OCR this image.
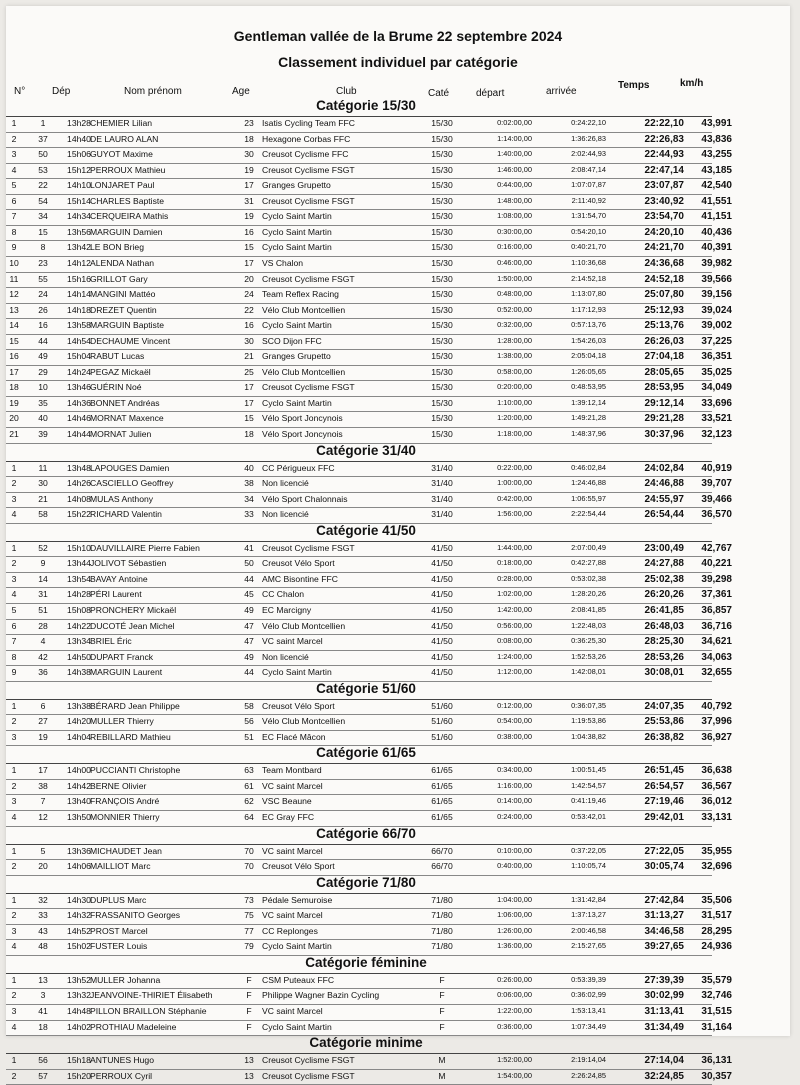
Gentleman vallée de la Brume 22 septembre 2024
Classement individuel par catégorie
N°	Dép	Nom prénom	Age	Club	Caté	départ	arrivée
Temps	km/h
Catégorie 15/30
1	1	13h28 CHEMIER Lilian	23 Isatis Cycling Team FFC	15/30	0:02:00,00	0:24:22,10	22:22,10	43,991
2	37	14h40 DE LAURO ALAN	18 Hexagone Corbas FFC	15/30	1:14:00,00	1:36:26,83	22:26,83	43,836
3	50	15h06 GUYOT Maxime	30 Creusot Cyclisme FFC	15/30	1:40:00,00	2:02:44,93	22:44,93	43,255
4	53	15h12 PERROUX Mathieu	19 Creusot Cyclisme FSGT	15/30	1:46:00,00	2:08:47,14	22:47,14	43,185
5	22	14h10 LONJARET Paul	17 Granges Grupetto	15/30	0:44:00,00	1:07:07,87	23:07,87	42,540
6	54	15h14 CHARLES Baptiste	31 Creusot Cyclisme FSGT	15/30	1:48:00,00	2:11:40,92	23:40,92	41,551
7	34	14h34 CERQUEIRA Mathis	19 Cyclo Saint Martin	15/30	1:08:00,00	1:31:54,70	23:54,70	41,151
8	15	13h56 MARGUIN Damien	16 Cyclo Saint Martin	15/30	0:30:00,00	0:54:20,10	24:20,10	40,436
9	8	13h42 LE BON Brieg	15 Cyclo Saint Martin	15/30	0:16:00,00	0:40:21,70	24:21,70	40,391
10	23	14h12 ALENDA Nathan	17 VS Chalon	15/30	0:46:00,00	1:10:36,68	24:36,68	39,982
11	55	15h16 GRILLOT Gary	20 Creusot Cyclisme FSGT	15/30	1:50:00,00	2:14:52,18	24:52,18	39,566
12	24	14h14 MANGINI Mattéo	24 Team Reflex Racing	15/30	0:48:00,00	1:13:07,80	25:07,80	39,156
13	26	14h18 DREZET Quentin	22 Vélo Club Montcellien	15/30	0:52:00,00	1:17:12,93	25:12,93	39,024
14	16	13h58 MARGUIN Baptiste	16 Cyclo Saint Martin	15/30	0:32:00,00	0:57:13,76	25:13,76	39,002
15	44	14h54 DECHAUME Vincent	30 SCO Dijon FFC	15/30	1:28:00,00	1:54:26,03	26:26,03	37,225
16	49	15h04 RABUT Lucas	21 Granges Grupetto	15/30	1:38:00,00	2:05:04,18	27:04,18	36,351
17	29	14h24 PEGAZ Mickaël	25 Vélo Club Montcellien	15/30	0:58:00,00	1:26:05,65	28:05,65	35,025
18	10	13h46 GUÉRIN Noé	17 Creusot Cyclisme FSGT	15/30	0:20:00,00	0:48:53,95	28:53,95	34,049
19	35	14h36 BONNET Andréas	17 Cyclo Saint Martin	15/30	1:10:00,00	1:39:12,14	29:12,14	33,696
20	40	14h46 MORNAT Maxence	15 Vélo Sport Joncynois	15/30	1:20:00,00	1:49:21,28	29:21,28	33,521
21	39	14h44 MORNAT Julien	18 Vélo Sport Joncynois	15/30	1:18:00,00	1:48:37,96	30:37,96	32,123
Catégorie 31/40
1	11	13h48 LAPOUGES Damien	40 CC Périgueux FFC	31/40	0:22:00,00	0:46:02,84	24:02,84	40,919
2	30	14h26 CASCIELLO Geoffrey	38 Non licencié	31/40	1:00:00,00	1:24:46,88	24:46,88	39,707
3	21	14h08 MULAS Anthony	34 Vélo Sport Chalonnais	31/40	0:42:00,00	1:06:55,97	24:55,97	39,466
4	58	15h22 RICHARD Valentin	33 Non licencié	31/40	1:56:00,00	2:22:54,44	26:54,44	36,570
Catégorie 41/50
1	52	15h10 DAUVILLAIRE Pierre Fabien	41 Creusot Cyclisme FSGT	41/50	1:44:00,00	2:07:00,49	23:00,49	42,767
2	9	13h44 JOLIVOT Sébastien	50 Creusot Vélo Sport	41/50	0:18:00,00	0:42:27,88	24:27,88	40,221
3	14	13h54 BAVAY Antoine	44 AMC Bisontine FFC	41/50	0:28:00,00	0:53:02,38	25:02,38	39,298
4	31	14h28 PÉRI Laurent	45 CC Chalon	41/50	1:02:00,00	1:28:20,26	26:20,26	37,361
5	51	15h08 PRONCHERY Mickaël	49 EC Marcigny	41/50	1:42:00,00	2:08:41,85	26:41,85	36,857
6	28	14h22 DUCOTÉ Jean Michel	47 Vélo Club Montcellien	41/50	0:56:00,00	1:22:48,03	26:48,03	36,716
7	4	13h34 BRIEL Éric	47 VC saint Marcel	41/50	0:08:00,00	0:36:25,30	28:25,30	34,621
8	42	14h50 DUPART Franck	49 Non licencié	41/50	1:24:00,00	1:52:53,26	28:53,26	34,063
9	36	14h38 MARGUIN Laurent	44 Cyclo Saint Martin	41/50	1:12:00,00	1:42:08,01	30:08,01	32,655
Catégorie 51/60
1	6	13h38 BÉRARD Jean Philippe	58 Creusot Vélo Sport	51/60	0:12:00,00	0:36:07,35	24:07,35	40,792
2	27	14h20 MULLER Thierry	56 Vélo Club Montcellien	51/60	0:54:00,00	1:19:53,86	25:53,86	37,996
3	19	14h04 REBILLARD Mathieu	51 EC Flacé Mâcon	51/60	0:38:00,00	1:04:38,82	26:38,82	36,927
Catégorie 61/65
1	17	14h00 PUCCIANTI Christophe	63 Team Montbard	61/65	0:34:00,00	1:00:51,45	26:51,45	36,638
2	38	14h42 BERNE Olivier	61 VC saint Marcel	61/65	1:16:00,00	1:42:54,57	26:54,57	36,567
3	7	13h40 FRANÇOIS André	62 VSC Beaune	61/65	0:14:00,00	0:41:19,46	27:19,46	36,012
4	12	13h50 MONNIER Thierry	64 EC Gray FFC	61/65	0:24:00,00	0:53:42,01	29:42,01	33,131
Catégorie 66/70
1	5	13h36 MICHAUDET Jean	70 VC saint Marcel	66/70	0:10:00,00	0:37:22,05	27:22,05	35,955
2	20	14h06 MAILLIOT Marc	70 Creusot Vélo Sport	66/70	0:40:00,00	1:10:05,74	30:05,74	32,696
Catégorie 71/80
1	32	14h30 DUPLUS Marc	73 Pédale Semuroise	71/80	1:04:00,00	1:31:42,84	27:42,84	35,506
2	33	14h32 FRASSANITO Georges	75 VC saint Marcel	71/80	1:06:00,00	1:37:13,27	31:13,27	31,517
3	43	14h52 PROST Marcel	77 CC Replonges	71/80	1:26:00,00	2:00:46,58	34:46,58	28,295
4	48	15h02 FUSTER Louis	79 Cyclo Saint Martin	71/80	1:36:00,00	2:15:27,65	39:27,65	24,936
Catégorie féminine
1	13	13h52 MULLER Johanna	F	CSM Puteaux FFC	F	0:26:00,00	0:53:39,39	27:39,39	35,579
2	3	13h32 JEANVOINE-THIRIET Élisabeth	F	Philippe Wagner Bazin Cycling	F	0:06:00,00	0:36:02,99	30:02,99	32,746
3	41	14h48 PILLON BRAILLON Stéphanie	F	VC saint Marcel	F	1:22:00,00	1:53:13,41	31:13,41	31,515
4	18	14h02 PROTHIAU Madeleine	F	Cyclo Saint Martin	F	0:36:00,00	1:07:34,49	31:34,49	31,164
Catégorie minime
1	56	15h18 ANTUNES Hugo	13 Creusot Cyclisme FSGT	M	1:52:00,00	2:19:14,04	27:14,04	36,131
2	57	15h20 PERROUX Cyril	13 Creusot Cyclisme FSGT	M	1:54:00,00	2:26:24,85	32:24,85	30,357
